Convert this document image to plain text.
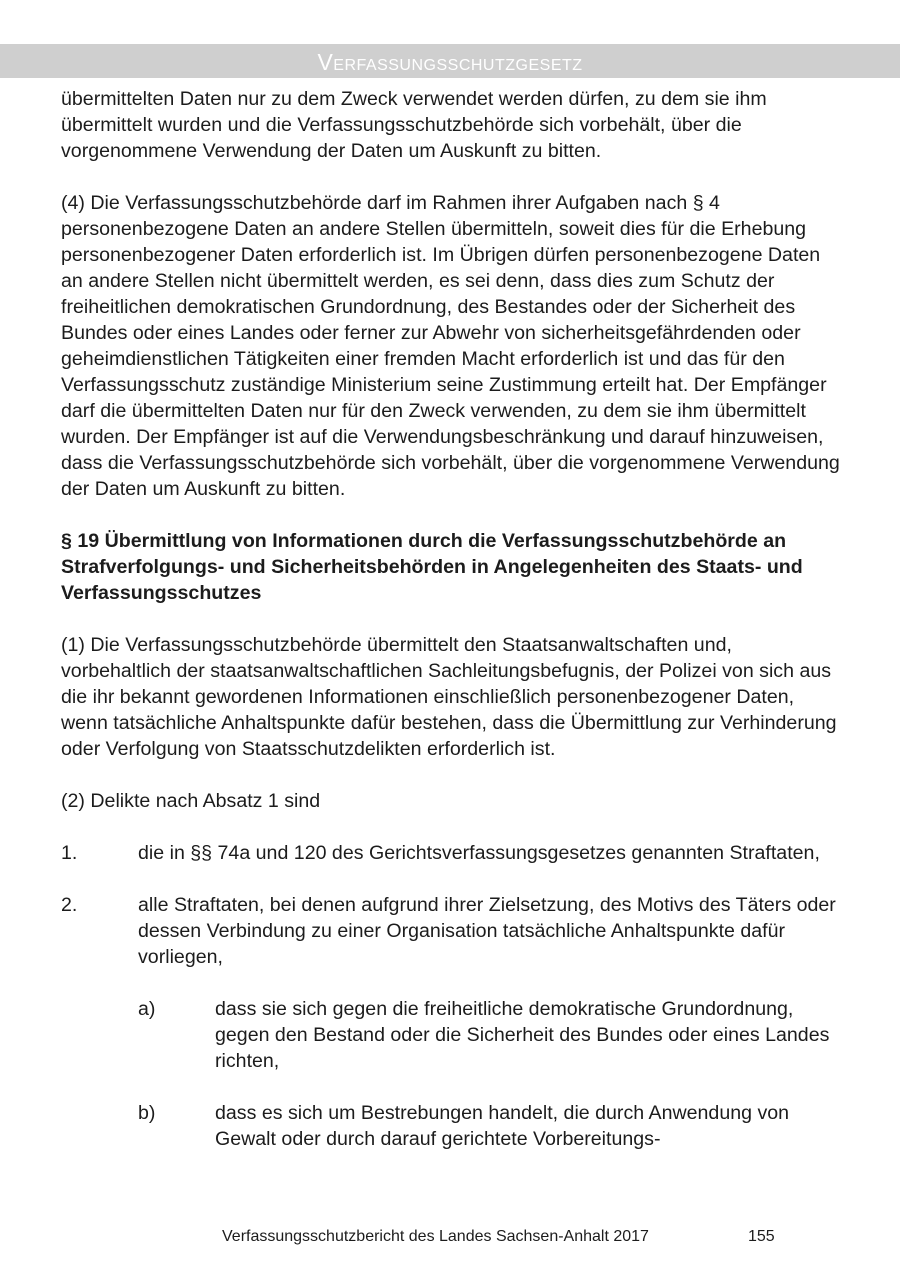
Verfassungsschutzgesetz

übermittelten Daten nur zu dem Zweck verwendet werden dürfen, zu dem sie ihm übermittelt wurden und die Verfassungsschutzbehörde sich vorbehält, über die vorgenommene Verwendung der Daten um Auskunft zu bitten.

(4) Die Verfassungsschutzbehörde darf im Rahmen ihrer Aufgaben nach § 4 personenbezogene Daten an andere Stellen übermitteln, soweit dies für die Erhebung personenbezogener Daten erforderlich ist. Im Übrigen dürfen personenbezogene Daten an andere Stellen nicht übermittelt werden, es sei denn, dass dies zum Schutz der freiheitlichen demokratischen Grundordnung, des Bestandes oder der Sicherheit des Bundes oder eines Landes oder ferner zur Abwehr von sicherheitsgefährdenden oder geheimdienstlichen Tätigkeiten einer fremden Macht erforderlich ist und das für den Verfassungsschutz zuständige Ministerium seine Zustimmung erteilt hat. Der Empfänger darf die übermittelten Daten nur für den Zweck verwenden, zu dem sie ihm übermittelt wurden. Der Empfänger ist auf die Verwendungsbeschränkung und darauf hinzuweisen, dass die Verfassungsschutzbehörde sich vorbehält, über die vorgenommene Verwendung der Daten um Auskunft zu bitten.

§ 19 Übermittlung von Informationen durch die Verfassungsschutzbehörde an Strafverfolgungs- und Sicherheitsbehörden in Angelegenheiten des Staats- und Verfassungsschutzes

(1) Die Verfassungsschutzbehörde übermittelt den Staatsanwaltschaften und, vorbehaltlich der staatsanwaltschaftlichen Sachleitungsbefugnis, der Polizei von sich aus die ihr bekannt gewordenen Informationen einschließlich personenbezogener Daten, wenn tatsächliche Anhaltspunkte dafür bestehen, dass die Übermittlung zur Verhinderung oder Verfolgung von Staatsschutzdelikten erforderlich ist.

(2) Delikte nach Absatz 1 sind

1.	die in §§ 74a und 120 des Gerichtsverfassungsgesetzes genannten Straftaten,
2.	alle Straftaten, bei denen aufgrund ihrer Zielsetzung, des Motivs des Täters oder dessen Verbindung zu einer Organisation tatsächliche Anhaltspunkte dafür vorliegen,
a)	dass sie sich gegen die freiheitliche demokratische Grundordnung, gegen den Bestand oder die Sicherheit des Bundes oder eines Landes richten,
b)	dass es sich um Bestrebungen handelt, die durch Anwendung von Gewalt oder durch darauf gerichtete Vorbereitungs-
Verfassungsschutzbericht des Landes Sachsen-Anhalt 2017	155
